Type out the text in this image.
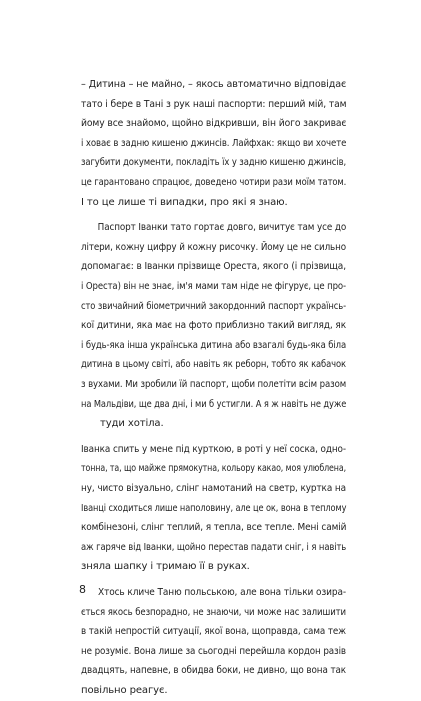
– Дитина – не майно, – якось автоматично відповідає
тато і бере в Тані з рук наші паспорти: перший мій, там
йому все знайомо, щойно відкривши, він його закриває
і ховає в задню кишеню джинсів. Лайфхак: якщо ви хочете
загубити документи, покладіть їх у задню кишеню джинсів,
це гарантовано спрацює, доведено чотири рази моїм татом.
І то це лише ті випадки, про які я знаю.
Паспорт Іванки тато гортає довго, вичитує там усе до
літери, кожну цифру й кожну рисочку. Йому це не сильно
допомагає: в Іванки прізвище Ореста, якого (і прізвища,
і Ореста) він не знає, ім'я мами там ніде не фігурує, це про-
сто звичайний біометричний закордонний паспорт українсь-
кої дитини, яка має на фото приблизно такий вигляд, як
і будь-яка інша українська дитина або взагалі будь-яка біла
дитина в цьому світі, або навіть як реборн, тобто як кабачок
з вухами. Ми зробили їй паспорт, щоби полетіти всім разом
на Мальдіви, ще два дні, і ми б устигли. А я ж навіть не дуже
туди хотіла.
Іванка спить у мене під курткою, в роті у неї соска, одно-
тонна, та, що майже прямокутна, кольору какао, моя улюблена,
ну, чисто візуально, слінг намотаний на светр, куртка на
Іванці сходиться лише наполовину, але це ок, вона в теплому
комбінезоні, слінг теплий, я тепла, все тепле. Мені самій
аж гаряче від Іванки, щойно перестав падати сніг, і я навіть
зняла шапку і тримаю її в руках.
Хтось кличе Таню польською, але вона тільки озира-
ється якось безпорадно, не знаючи, чи може нас залишити
в такій непростій ситуації, якої вона, щоправда, сама теж
не розуміє. Вона лише за сьогодні перейшла кордон разів
двадцять, напевне, в обидва боки, не дивно, що вона так
повільно реагує.
8
